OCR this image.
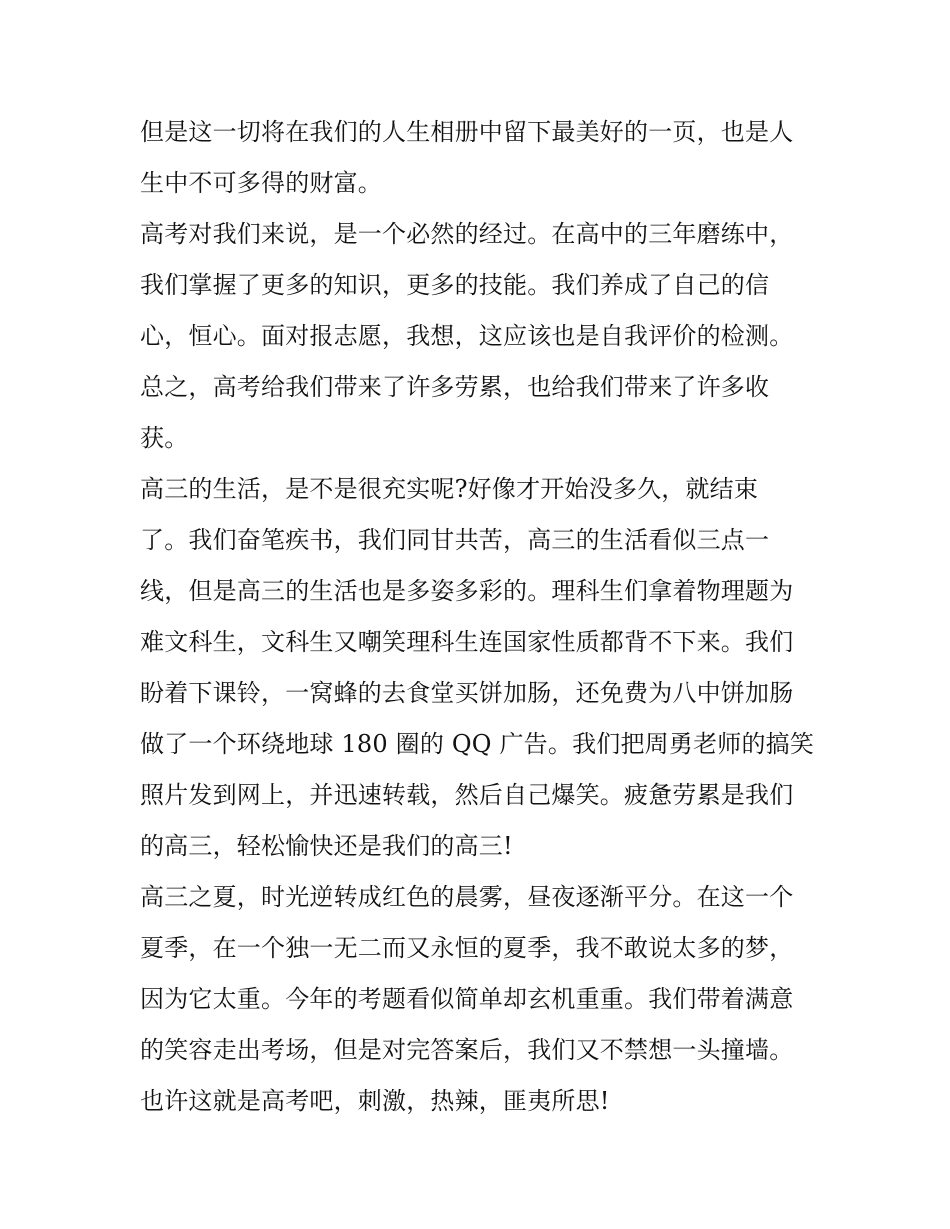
但是这一切将在我们的人生相册中留下最美好的一页，也是人
生中不可多得的财富。
高考对我们来说，是一个必然的经过。在高中的三年磨练中，
我们掌握了更多的知识，更多的技能。我们养成了自己的信
心，恒心。面对报志愿，我想，这应该也是自我评价的检测。
总之，高考给我们带来了许多劳累，也给我们带来了许多收
获。
高三的生活，是不是很充实呢?好像才开始没多久，就结束
了。我们奋笔疾书，我们同甘共苦，高三的生活看似三点一
线，但是高三的生活也是多姿多彩的。理科生们拿着物理题为
难文科生，文科生又嘲笑理科生连国家性质都背不下来。我们
盼着下课铃，一窝蜂的去食堂买饼加肠，还免费为八中饼加肠
做了一个环绕地球 180 圈的 QQ 广告。我们把周勇老师的搞笑
照片发到网上，并迅速转载，然后自己爆笑。疲惫劳累是我们
的高三，轻松愉快还是我们的高三!
高三之夏，时光逆转成红色的晨雾，昼夜逐渐平分。在这一个
夏季，在一个独一无二而又永恒的夏季，我不敢说太多的梦，
因为它太重。今年的考题看似简单却玄机重重。我们带着满意
的笑容走出考场，但是对完答案后，我们又不禁想一头撞墙。
也许这就是高考吧，刺激，热辣，匪夷所思!
